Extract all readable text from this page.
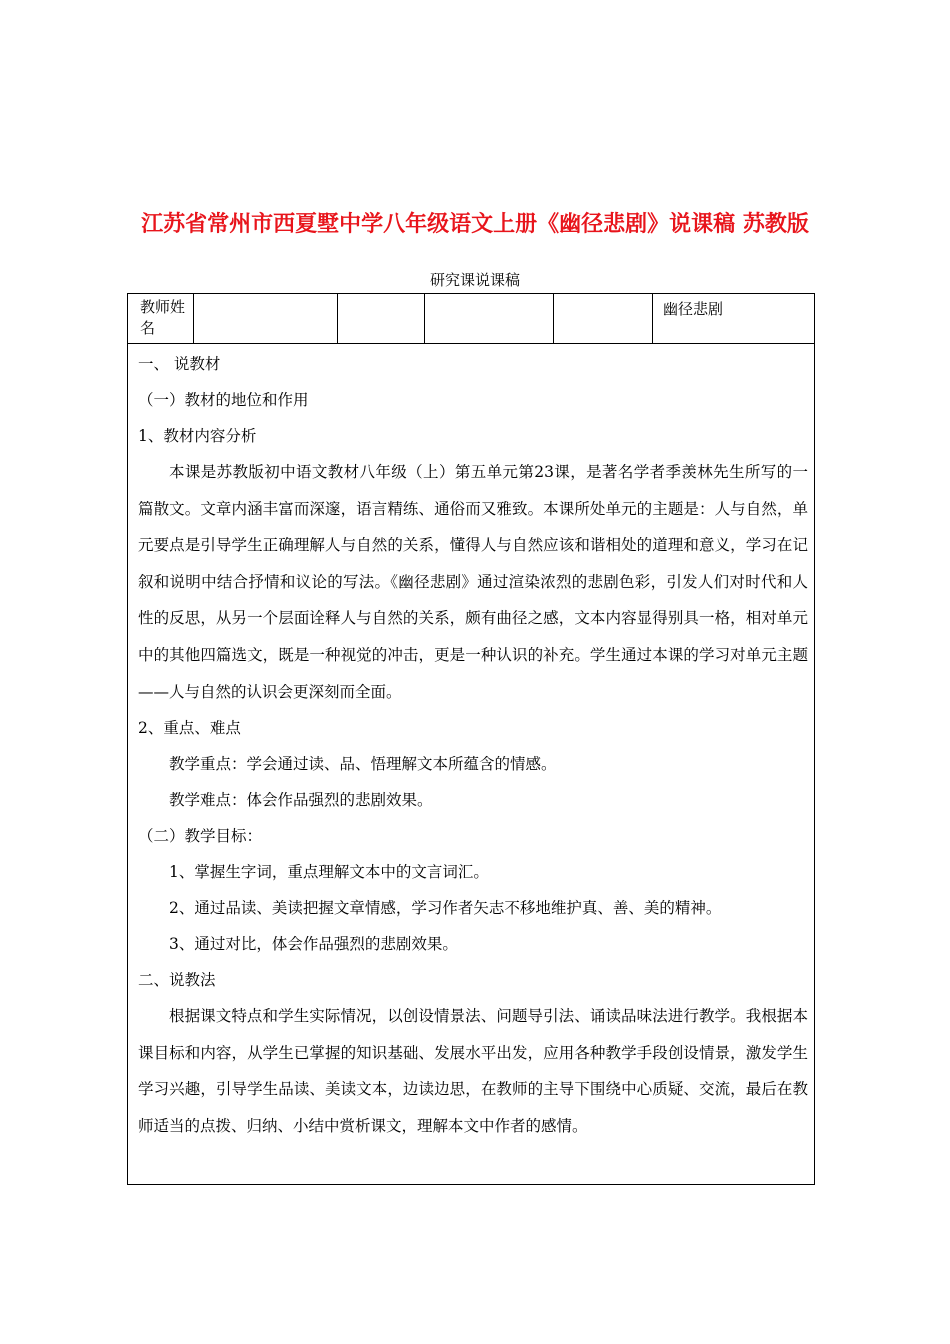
江苏省常州市西夏墅中学八年级语文上册《幽径悲剧》说课稿 苏教版
研究课说课稿
教师姓名
幽径悲剧
一、 说教材
（一）教材的地位和作用
1、教材内容分析
本课是苏教版初中语文教材八年级（上）第五单元第23课，是著名学者季羡林先生所写的一篇散文。文章内涵丰富而深邃，语言精练、通俗而又雅致。本课所处单元的主题是：人与自然，单元要点是引导学生正确理解人与自然的关系，懂得人与自然应该和谐相处的道理和意义，学习在记叙和说明中结合抒情和议论的写法。《幽径悲剧》通过渲染浓烈的悲剧色彩，引发人们对时代和人性的反思，从另一个层面诠释人与自然的关系，颇有曲径之感，文本内容显得别具一格，相对单元中的其他四篇选文，既是一种视觉的冲击，更是一种认识的补充。学生通过本课的学习对单元主题——人与自然的认识会更深刻而全面。
2、重点、难点
教学重点：学会通过读、品、悟理解文本所蕴含的情感。
教学难点：体会作品强烈的悲剧效果。
（二）教学目标：
1、掌握生字词，重点理解文本中的文言词汇。
2、通过品读、美读把握文章情感，学习作者矢志不移地维护真、善、美的精神。
3、通过对比，体会作品强烈的悲剧效果。
二、说教法
根据课文特点和学生实际情况，以创设情景法、问题导引法、诵读品味法进行教学。我根据本课目标和内容，从学生已掌握的知识基础、发展水平出发，应用各种教学手段创设情景，激发学生学习兴趣，引导学生品读、美读文本，边读边思，在教师的主导下围绕中心质疑、交流，最后在教师适当的点拨、归纳、小结中赏析课文，理解本文中作者的感情。
